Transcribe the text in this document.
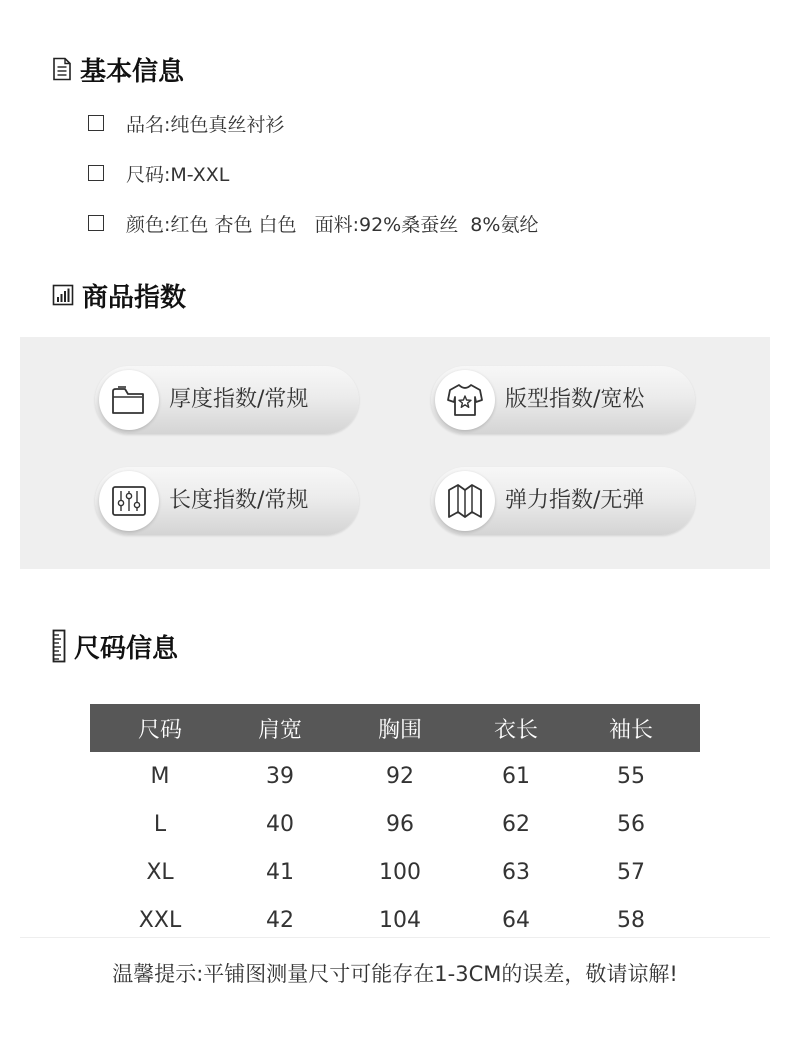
基本信息
品名:纯色真丝衬衫
尺码:M-XXL
颜色:红色 杏色 白色   面料:92%桑蚕丝  8%氨纶
商品指数
厚度指数/常规	版型指数/宽松
长度指数/常规	弹力指数/无弹
尺码信息
尺码	肩宽	胸围	衣长	袖长
M	39	92	61	55
L	40	96	62	56
XL	41	100	63	57
XXL	42	104	64	58
温馨提示:平铺图测量尺寸可能存在1-3CM的误差，敬请谅解!
